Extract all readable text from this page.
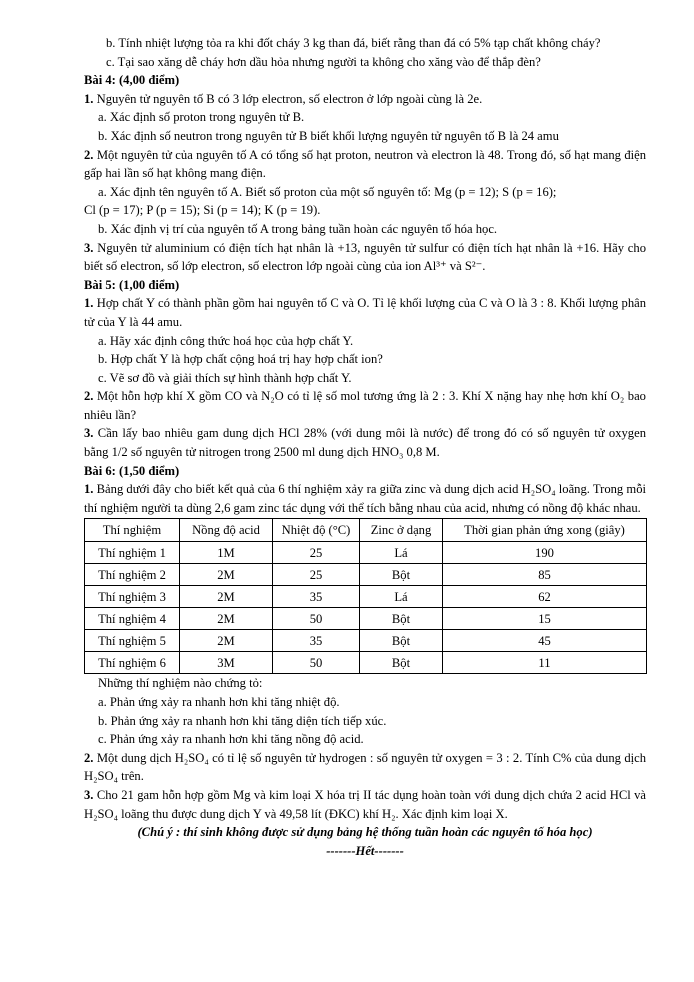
b. Tính nhiệt lượng tỏa ra khi đốt cháy 3 kg than đá, biết rằng than đá có 5% tạp chất không cháy?

c. Tại sao xăng dễ cháy hơn dầu hỏa nhưng người ta không cho xăng vào để thắp đèn?

Bài 4: (4,00 điểm)

1. Nguyên tử nguyên tố B có 3 lớp electron, số electron ở lớp ngoài cùng là 2e.

a. Xác định số proton trong nguyên tử B.

b. Xác định số neutron trong nguyên tử B biết khối lượng nguyên tử nguyên tố B là 24 amu

2. Một nguyên tử của nguyên tố A có tổng số hạt proton, neutron và electron là 48. Trong đó, số hạt mang điện gấp hai lần số hạt không mang điện.

a. Xác định tên nguyên tố A. Biết số proton của một số nguyên tố: Mg (p = 12); S (p = 16);

Cl (p = 17); P (p = 15); Si (p = 14); K (p = 19).

b. Xác định vị trí của nguyên tố A trong bảng tuần hoàn các nguyên tố hóa học.

3. Nguyên tử aluminium có điện tích hạt nhân là +13, nguyên tử sulfur có điện tích hạt nhân là +16. Hãy cho biết số electron, số lớp electron, số electron lớp ngoài cùng của ion Al³⁺ và S²⁻.

Bài 5: (1,00 điểm)

1. Hợp chất Y có thành phần gồm hai nguyên tố C và O. Tỉ lệ khối lượng của C và O là 3 : 8. Khối lượng phân tử của Y là 44 amu.

a. Hãy xác định công thức hoá học của hợp chất Y.

b. Hợp chất Y là hợp chất cộng hoá trị hay hợp chất ion?

c. Vẽ sơ đồ và giải thích sự hình thành hợp chất Y.

2. Một hỗn hợp khí X gồm CO và N₂O có tỉ lệ số mol tương ứng là 2 : 3. Khí X nặng hay nhẹ hơn khí O₂ bao nhiêu lần?

3. Cần lấy bao nhiêu gam dung dịch HCl 28% (với dung môi là nước) để trong đó có số nguyên tử oxygen bằng 1/2 số nguyên tử nitrogen trong 2500 ml dung dịch HNO₃ 0,8 M.

Bài 6: (1,50 điểm)

1. Bảng dưới đây cho biết kết quả của 6 thí nghiệm xảy ra giữa zinc và dung dịch acid H₂SO₄ loãng. Trong mỗi thí nghiệm người ta dùng 2,6 gam zinc tác dụng với thể tích bằng nhau của acid, nhưng có nồng độ khác nhau.

Thí nghiệm	Nồng độ acid	Nhiệt độ (°C)	Zinc ở dạng	Thời gian phản ứng xong (giây)
Thí nghiệm 1	1M	25	Lá	190
Thí nghiệm 2	2M	25	Bột	85
Thí nghiệm 3	2M	35	Lá	62
Thí nghiệm 4	2M	50	Bột	15
Thí nghiệm 5	2M	35	Bột	45
Thí nghiệm 6	3M	50	Bột	11

Những thí nghiệm nào chứng tỏ:

a. Phản ứng xảy ra nhanh hơn khi tăng nhiệt độ.

b. Phản ứng xảy ra nhanh hơn khi tăng diện tích tiếp xúc.

c. Phản ứng xảy ra nhanh hơn khi tăng nồng độ acid.

2. Một dung dịch H₂SO₄ có tỉ lệ số nguyên tử hydrogen : số nguyên tử oxygen = 3 : 2. Tính C% của dung dịch H₂SO₄ trên.

3. Cho 21 gam hỗn hợp gồm Mg và kim loại X hóa trị II tác dụng hoàn toàn với dung dịch chứa 2 acid HCl và H₂SO₄ loãng thu được dung dịch Y và 49,58 lít (ĐKC) khí H₂. Xác định kim loại X.

(Chú ý : thí sinh không được sử dụng bảng hệ thống tuần hoàn các nguyên tố hóa học)

-------Hết-------
